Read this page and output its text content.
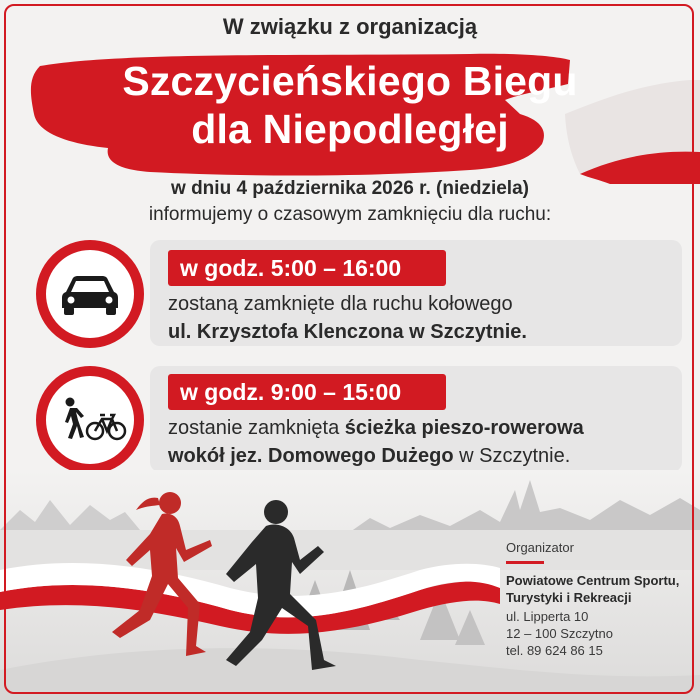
W związku z organizacją
Szczycieńskiego Biegu
dla Niepodległej
w dniu 4 października 2026 r. (niedziela)
informujemy o czasowym zamknięciu dla ruchu:
w godz. 5:00 – 16:00
zostaną zamknięte dla ruchu kołowego
ul. Krzysztofa Klenczona w Szczytnie.
w godz. 9:00 – 15:00
zostanie zamknięta ścieżka pieszo-rowerowa
wokół jez. Domowego Dużego w Szczytnie.
Organizator
Powiatowe Centrum Sportu,
Turystyki i Rekreacji
ul. Lipperta 10
12 – 100 Szczytno
tel. 89 624 86 15
